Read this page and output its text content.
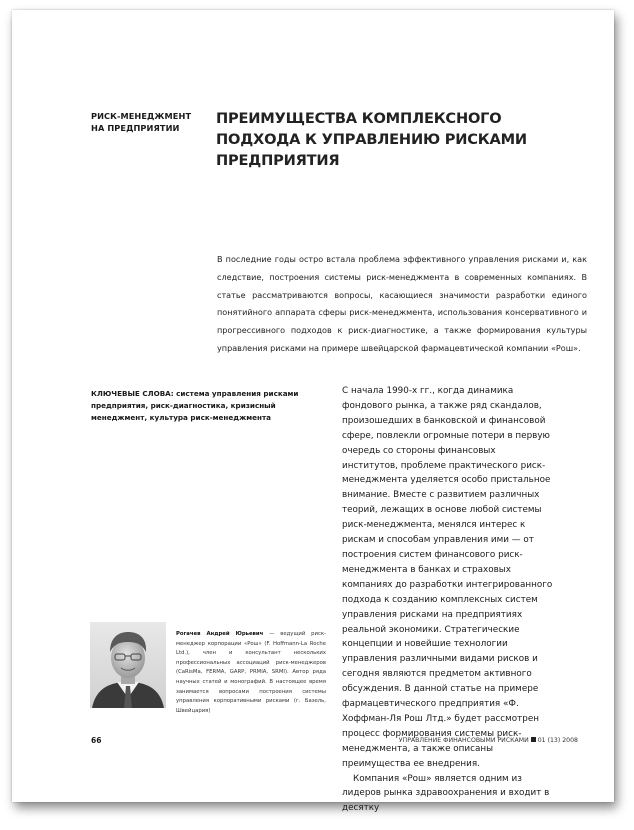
РИСК-МЕНЕДЖМЕНТ НА ПРЕДПРИЯТИИ
ПРЕИМУЩЕСТВА КОМПЛЕКСНОГО ПОДХОДА К УПРАВЛЕНИЮ РИСКАМИ ПРЕДПРИЯТИЯ
В последние годы остро встала проблема эффективного управления рисками и, как следствие, построения системы риск-менеджмента в современных компаниях. В статье рассматриваются вопросы, касающиеся значимости разработки единого понятийного аппарата сферы риск-менеджмента, использования консервативного и прогрессивного подходов к риск-диагностике, а также формирования культуры управления рисками на примере швейцарской фармацевтической компании «Рош».
КЛЮЧЕВЫЕ СЛОВА: система управления рисками предприятия, риск-диагностика, кризисный менеджмент, культура риск-менеджмента

С начала 1990-х гг., когда динамика фондового рынка, а также ряд скандалов, произошедших в банковской и финансовой сфере, повлекли огромные потери в первую очередь со стороны финансовых институтов, проблеме практического риск-менеджмента уделяется особо пристальное внимание. Вместе с развитием различных теорий, лежащих в основе любой системы риск-менеджмента, менялся интерес к рискам и способам управления ими — от построения систем финансового риск-менеджмента в банках и страховых компаниях до разработки интегрированного подхода к созданию комплексных систем управления рисками на предприятиях реальной экономики. Стратегические концепции и новейшие технологии управления различными видами рисков и сегодня являются предметом активного обсуждения. В данной статье на примере фармацевтического предприятия «Ф. Хоффман-Ля Рош Лтд.» будет рассмотрен процесс формирования системы риск-менеджмента, а также описаны преимущества ее внедрения.

Компания «Рош» является одним из лидеров рынка здравоохранения и входит в десятку

Рогачев Андрей Юрьевич — ведущий риск-менеджер корпорации «Рош» (F. Hoffmann-La Roche Ltd.), член и консультант нескольких профессиональных ассоциаций риск-менеджеров (CaRisMa, FERMA, GARP, PRMIA, SRMI). Автор ряда научных статей и монографий. В настоящее время занимается вопросами построения системы управления корпоративными рисками (г. Базель, Швейцария)
66	УПРАВЛЕНИЕ ФИНАНСОВЫМИ РИСКАМИ 01 (13) 2008
